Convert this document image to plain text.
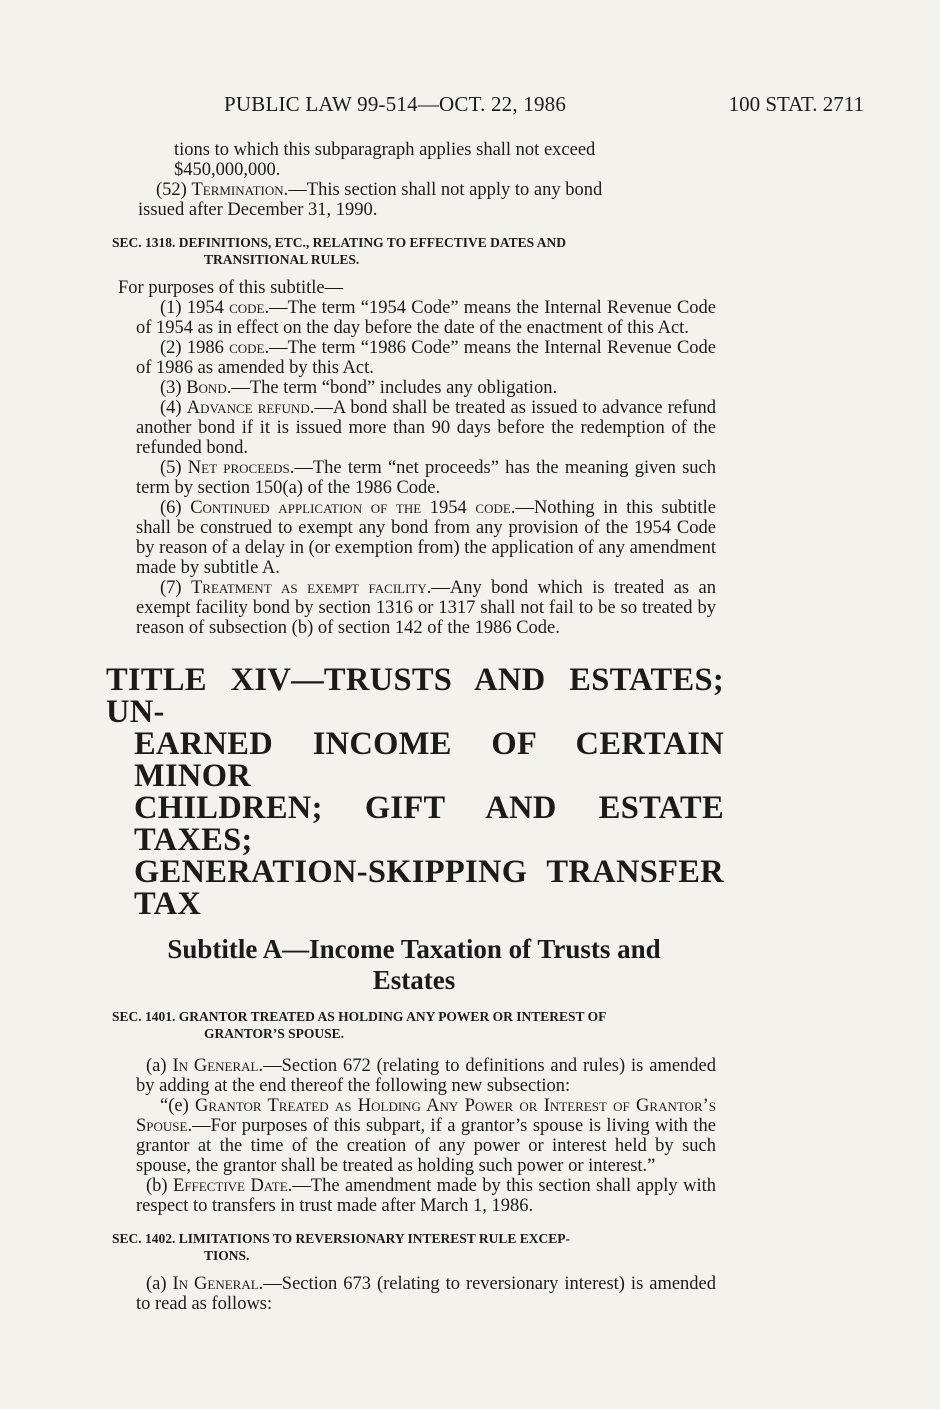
PUBLIC LAW 99-514—OCT. 22, 1986	100 STAT. 2711

tions to which this subparagraph applies shall not exceed
$450,000,000.

(52) Termination.—This section shall not apply to any bond

issued after December 31, 1990.

SEC. 1318. DEFINITIONS, ETC., RELATING TO EFFECTIVE DATES AND
TRANSITIONAL RULES.

For purposes of this subtitle—

(1) 1954 code.—The term “1954 Code” means the Internal Revenue Code of 1954 as in effect on the day before the date of the enactment of this Act.

(2) 1986 code.—The term “1986 Code” means the Internal Revenue Code of 1986 as amended by this Act.

(3) Bond.—The term “bond” includes any obligation.

(4) Advance refund.—A bond shall be treated as issued to advance refund another bond if it is issued more than 90 days before the redemption of the refunded bond.

(5) Net proceeds.—The term “net proceeds” has the meaning given such term by section 150(a) of the 1986 Code.

(6) Continued application of the 1954 code.—Nothing in this subtitle shall be construed to exempt any bond from any provision of the 1954 Code by reason of a delay in (or exemption from) the application of any amendment made by subtitle A.

(7) Treatment as exempt facility.—Any bond which is treated as an exempt facility bond by section 1316 or 1317 shall not fail to be so treated by reason of subsection (b) of section 142 of the 1986 Code.

TITLE XIV—TRUSTS AND ESTATES; UN-
EARNED INCOME OF CERTAIN MINOR
CHILDREN; GIFT AND ESTATE TAXES;
GENERATION-SKIPPING TRANSFER TAX
Subtitle A—Income Taxation of Trusts and
Estates
SEC. 1401. GRANTOR TREATED AS HOLDING ANY POWER OR INTEREST OF
GRANTOR’S SPOUSE.

(a) In General.—Section 672 (relating to definitions and rules) is amended by adding at the end thereof the following new subsection:

“(e) Grantor Treated as Holding Any Power or Interest of Grantor’s Spouse.—For purposes of this subpart, if a grantor’s spouse is living with the grantor at the time of the creation of any power or interest held by such spouse, the grantor shall be treated as holding such power or interest.”

(b) Effective Date.—The amendment made by this section shall apply with respect to transfers in trust made after March 1, 1986.

SEC. 1402. LIMITATIONS TO REVERSIONARY INTEREST RULE EXCEP-
TIONS.

(a) In General.—Section 673 (relating to reversionary interest) is amended to read as follows:
